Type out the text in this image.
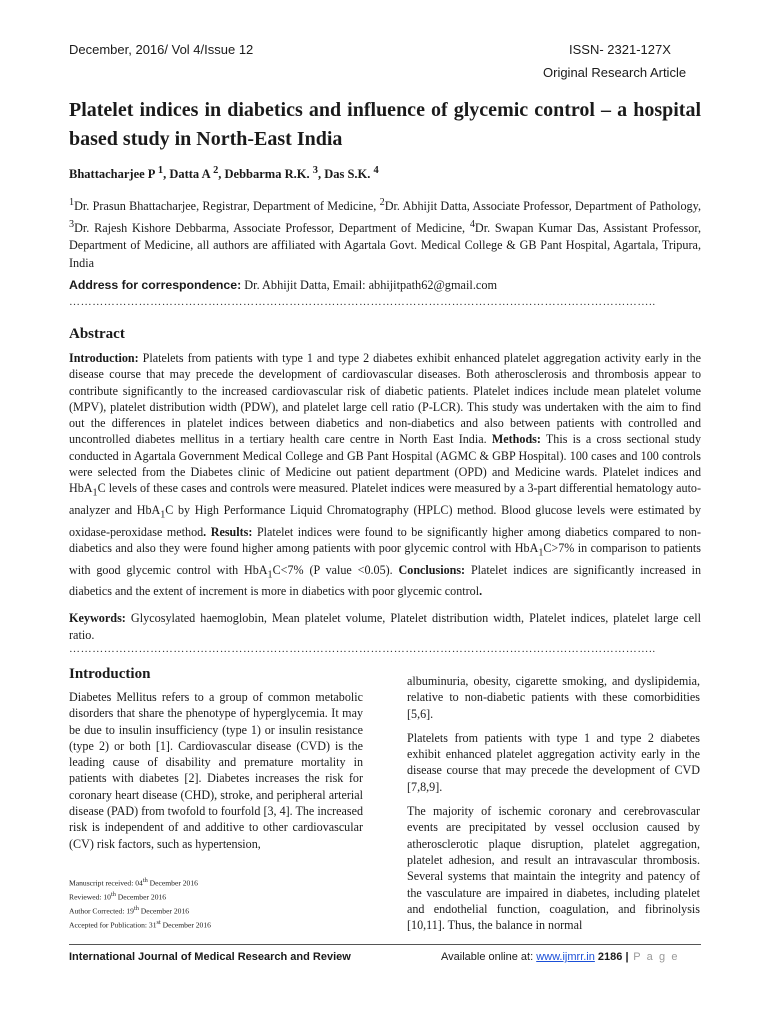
December, 2016/ Vol 4/Issue 12	ISSN- 2321-127X
Original Research Article
Platelet indices in diabetics and influence of glycemic control – a hospital based study in North-East India
Bhattacharjee P $^1$, Datta A $^2$, Debbarma R.K. $^3$, Das S.K. $^4$

$^1$Dr. Prasun Bhattacharjee, Registrar, Department of Medicine, $^2$Dr. Abhijit Datta, Associate Professor, Department of Pathology, $^3$Dr. Rajesh Kishore Debbarma, Associate Professor, Department of Medicine, $^4$Dr. Swapan Kumar Das, Assistant Professor, Department of Medicine, all authors are affiliated with Agartala Govt. Medical College & GB Pant Hospital, Agartala, Tripura, India

Address for correspondence: Dr. Abhijit Datta, Email: abhijitpath62@gmail.com
……………………………………………………………………………………………………………………………………..
Abstract

Introduction: Platelets from patients with type 1 and type 2 diabetes exhibit enhanced platelet aggregation activity early in the disease course that may precede the development of cardiovascular diseases. Both atherosclerosis and thrombosis appear to contribute significantly to the increased cardiovascular risk of diabetic patients. Platelet indices include mean platelet volume (MPV), platelet distribution width (PDW), and platelet large cell ratio (P-LCR). This study was undertaken with the aim to find out the differences in platelet indices between diabetics and non-diabetics and also between patients with controlled and uncontrolled diabetes mellitus in a tertiary health care centre in North East India. Methods: This is a cross sectional study conducted in Agartala Government Medical College and GB Pant Hospital (AGMC & GBP Hospital). 100 cases and 100 controls were selected from the Diabetes clinic of Medicine out patient department (OPD) and Medicine wards. Platelet indices and HbA$_1$C levels of these cases and controls were measured. Platelet indices were measured by a 3-part differential hematology auto-analyzer and HbA$_1$C by High Performance Liquid Chromatography (HPLC) method. Blood glucose levels were estimated by oxidase-peroxidase method. Results: Platelet indices were found to be significantly higher among diabetics compared to non-diabetics and also they were found higher among patients with poor glycemic control with HbA$_1$C>7% in comparison to patients with good glycemic control with HbA$_1$C<7% (P value <0.05). Conclusions: Platelet indices are significantly increased in diabetics and the extent of increment is more in diabetics with poor glycemic control.

Keywords: Glycosylated haemoglobin, Mean platelet volume, Platelet distribution width, Platelet indices, platelet large cell ratio.

……………………………………………………………………………………………………………………………………..
Introduction

Diabetes Mellitus refers to a group of common metabolic disorders that share the phenotype of hyperglycemia. It may be due to insulin insufficiency (type 1) or insulin resistance (type 2) or both [1]. Cardiovascular disease (CVD) is the leading cause of disability and premature mortality in patients with diabetes [2]. Diabetes increases the risk for coronary heart disease (CHD), stroke, and peripheral arterial disease (PAD) from twofold to fourfold [3, 4]. The increased risk is independent of and additive to other cardiovascular (CV) risk factors, such as hypertension,

albuminuria, obesity, cigarette smoking, and dyslipidemia, relative to non-diabetic patients with these comorbidities [5,6].

Platelets from patients with type 1 and type 2 diabetes exhibit enhanced platelet aggregation activity early in the disease course that may precede the development of CVD [7,8,9].

The majority of ischemic coronary and cerebrovascular events are precipitated by vessel occlusion caused by atherosclerotic plaque disruption, platelet aggregation, platelet adhesion, and result an intravascular thrombosis. Several systems that maintain the integrity and patency of the vasculature are impaired in diabetes, including platelet and endothelial function, coagulation, and fibrinolysis [10,11]. Thus, the balance in normal

Manuscript received: 04th December 2016
Reviewed: 10th December 2016
Author Corrected: 19th December 2016
Accepted for Publication: 31st December 2016
International Journal of Medical Research and Review	Available online at: www.ijmrr.in 2186 | P a g e
